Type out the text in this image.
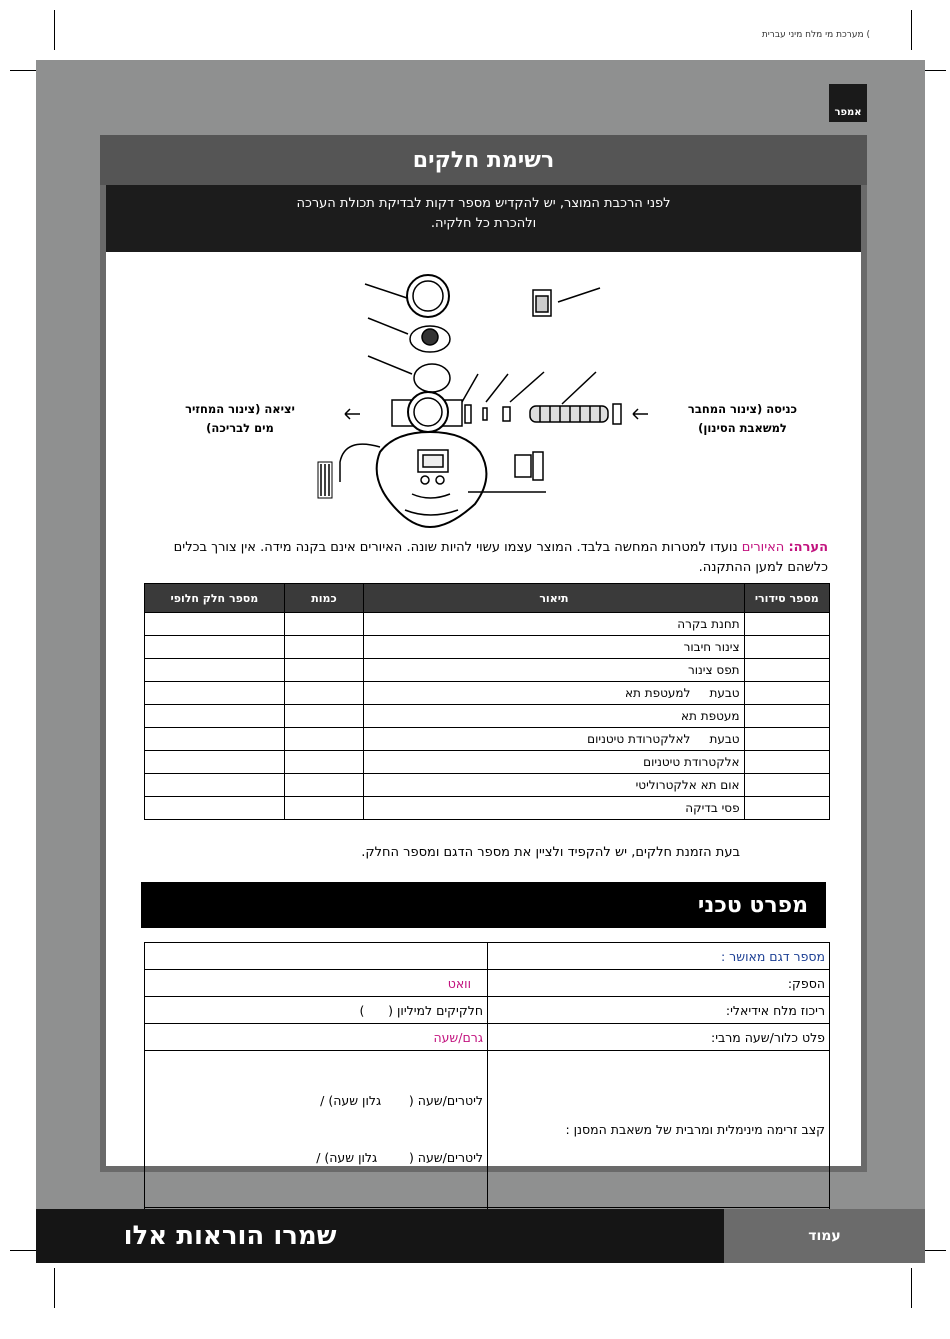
) מערכת מי מלח מיני עברית
אמפר
רשימת חלקים
לפני הרכבת המוצר, יש להקדיש מספר דקות לבדיקת תכולת הערכה
ולהכרת כל חלקיה.
כניסה (צינור המחבר
למשאבת הסינון)
יציאה (צינור המחזיר
מים לבריכה)
הערה: האיורים נועדו למטרות המחשה בלבד. המוצר עצמו עשוי להיות שונה. האיורים אינם בקנה מידה. אין צורך בכלים כלשהם למען ההתקנה.
מספר סידורי	תיאור	כמות	מספר חלק חלופי
	תחנת בקרה		
	צינור חיבור		
	תפס צינור		
	טבעת     למעטפת תא		
	מעטפת תא		
	טבעת     לאלקטרודת טיטניום		
	אלקטרודת טיטניום		
	אום תא אלקטרוליטי		
	פסי בדיקה		
בעת הזמנת חלקים, יש להקפיד ולציין את מספר הדגם ומספר החלק.
מפרט טכני
מספר דגם מאושר :	
הספק:	וואט
ריכוז מלח אידיאלי:	חלקיקים למיליון (      )
פלט כלור/שעה מרבי:	גרם/שעה
קצב זרימה מינימלית ומרבית של משאבת המסנן :	ליטרים/שעה (       גלון שעה) /

ליטרים/שעה (        גלון שעה) /

שמרו הוראות אלו	עמוד
